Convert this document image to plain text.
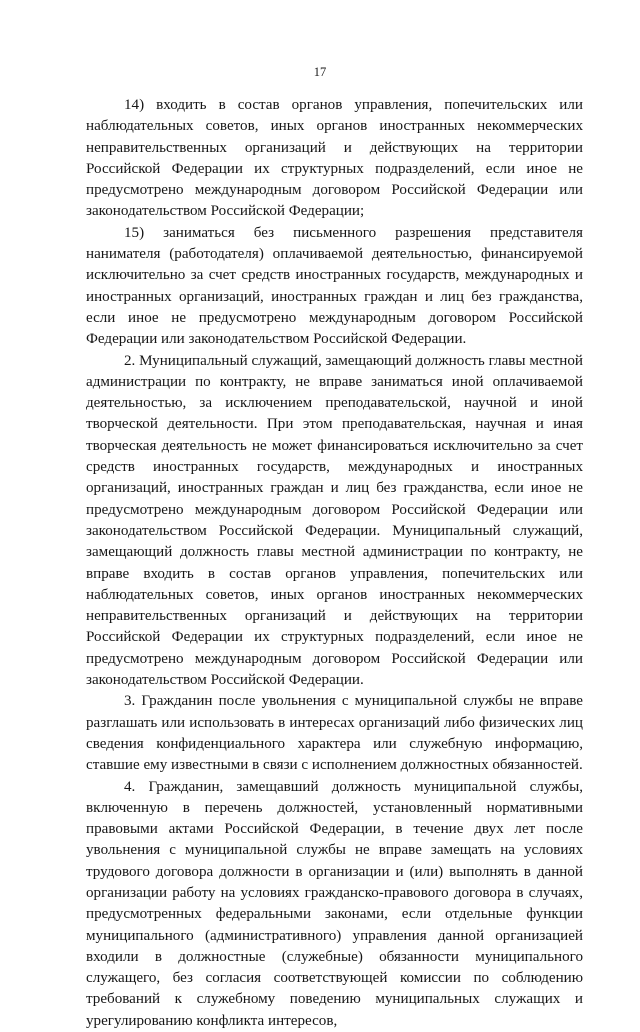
17

14) входить в состав органов управления, попечительских или наблюдательных советов, иных органов иностранных некоммерческих неправительственных организаций и действующих на территории Российской Федерации их структурных подразделений, если иное не предусмотрено международным договором Российской Федерации или законодательством Российской Федерации;

15) заниматься без письменного разрешения представителя нанимателя (работодателя) оплачиваемой деятельностью, финансируемой исключительно за счет средств иностранных государств, международных и иностранных организаций, иностранных граждан и лиц без гражданства, если иное не предусмотрено международным договором Российской Федерации или законодательством Российской Федерации.

2. Муниципальный служащий, замещающий должность главы местной администрации по контракту, не вправе заниматься иной оплачиваемой деятельностью, за исключением преподавательской, научной и иной творческой деятельности. При этом преподавательская, научная и иная творческая деятельность не может финансироваться исключительно за счет средств иностранных государств, международных и иностранных организаций, иностранных граждан и лиц без гражданства, если иное не предусмотрено международным договором Российской Федерации или законодательством Российской Федерации. Муниципальный служащий, замещающий должность главы местной администрации по контракту, не вправе входить в состав органов управления, попечительских или наблюдательных советов, иных органов иностранных некоммерческих неправительственных организаций и действующих на территории Российской Федерации их структурных подразделений, если иное не предусмотрено международным договором Российской Федерации или законодательством Российской Федерации.

3. Гражданин после увольнения с муниципальной службы не вправе разглашать или использовать в интересах организаций либо физических лиц сведения конфиденциального характера или служебную информацию, ставшие ему известными в связи с исполнением должностных обязанностей.

4. Гражданин, замещавший должность муниципальной службы, включенную в перечень должностей, установленный нормативными правовыми актами Российской Федерации, в течение двух лет после увольнения с муниципальной службы не вправе замещать на условиях трудового договора должности в организации и (или) выполнять в данной организации работу на условиях гражданско-правового договора в случаях, предусмотренных федеральными законами, если отдельные функции муниципального (административного) управления данной организацией входили в должностные (служебные) обязанности муниципального служащего, без согласия соответствующей комиссии по соблюдению требований к служебному поведению муниципальных служащих и урегулированию конфликта интересов,
